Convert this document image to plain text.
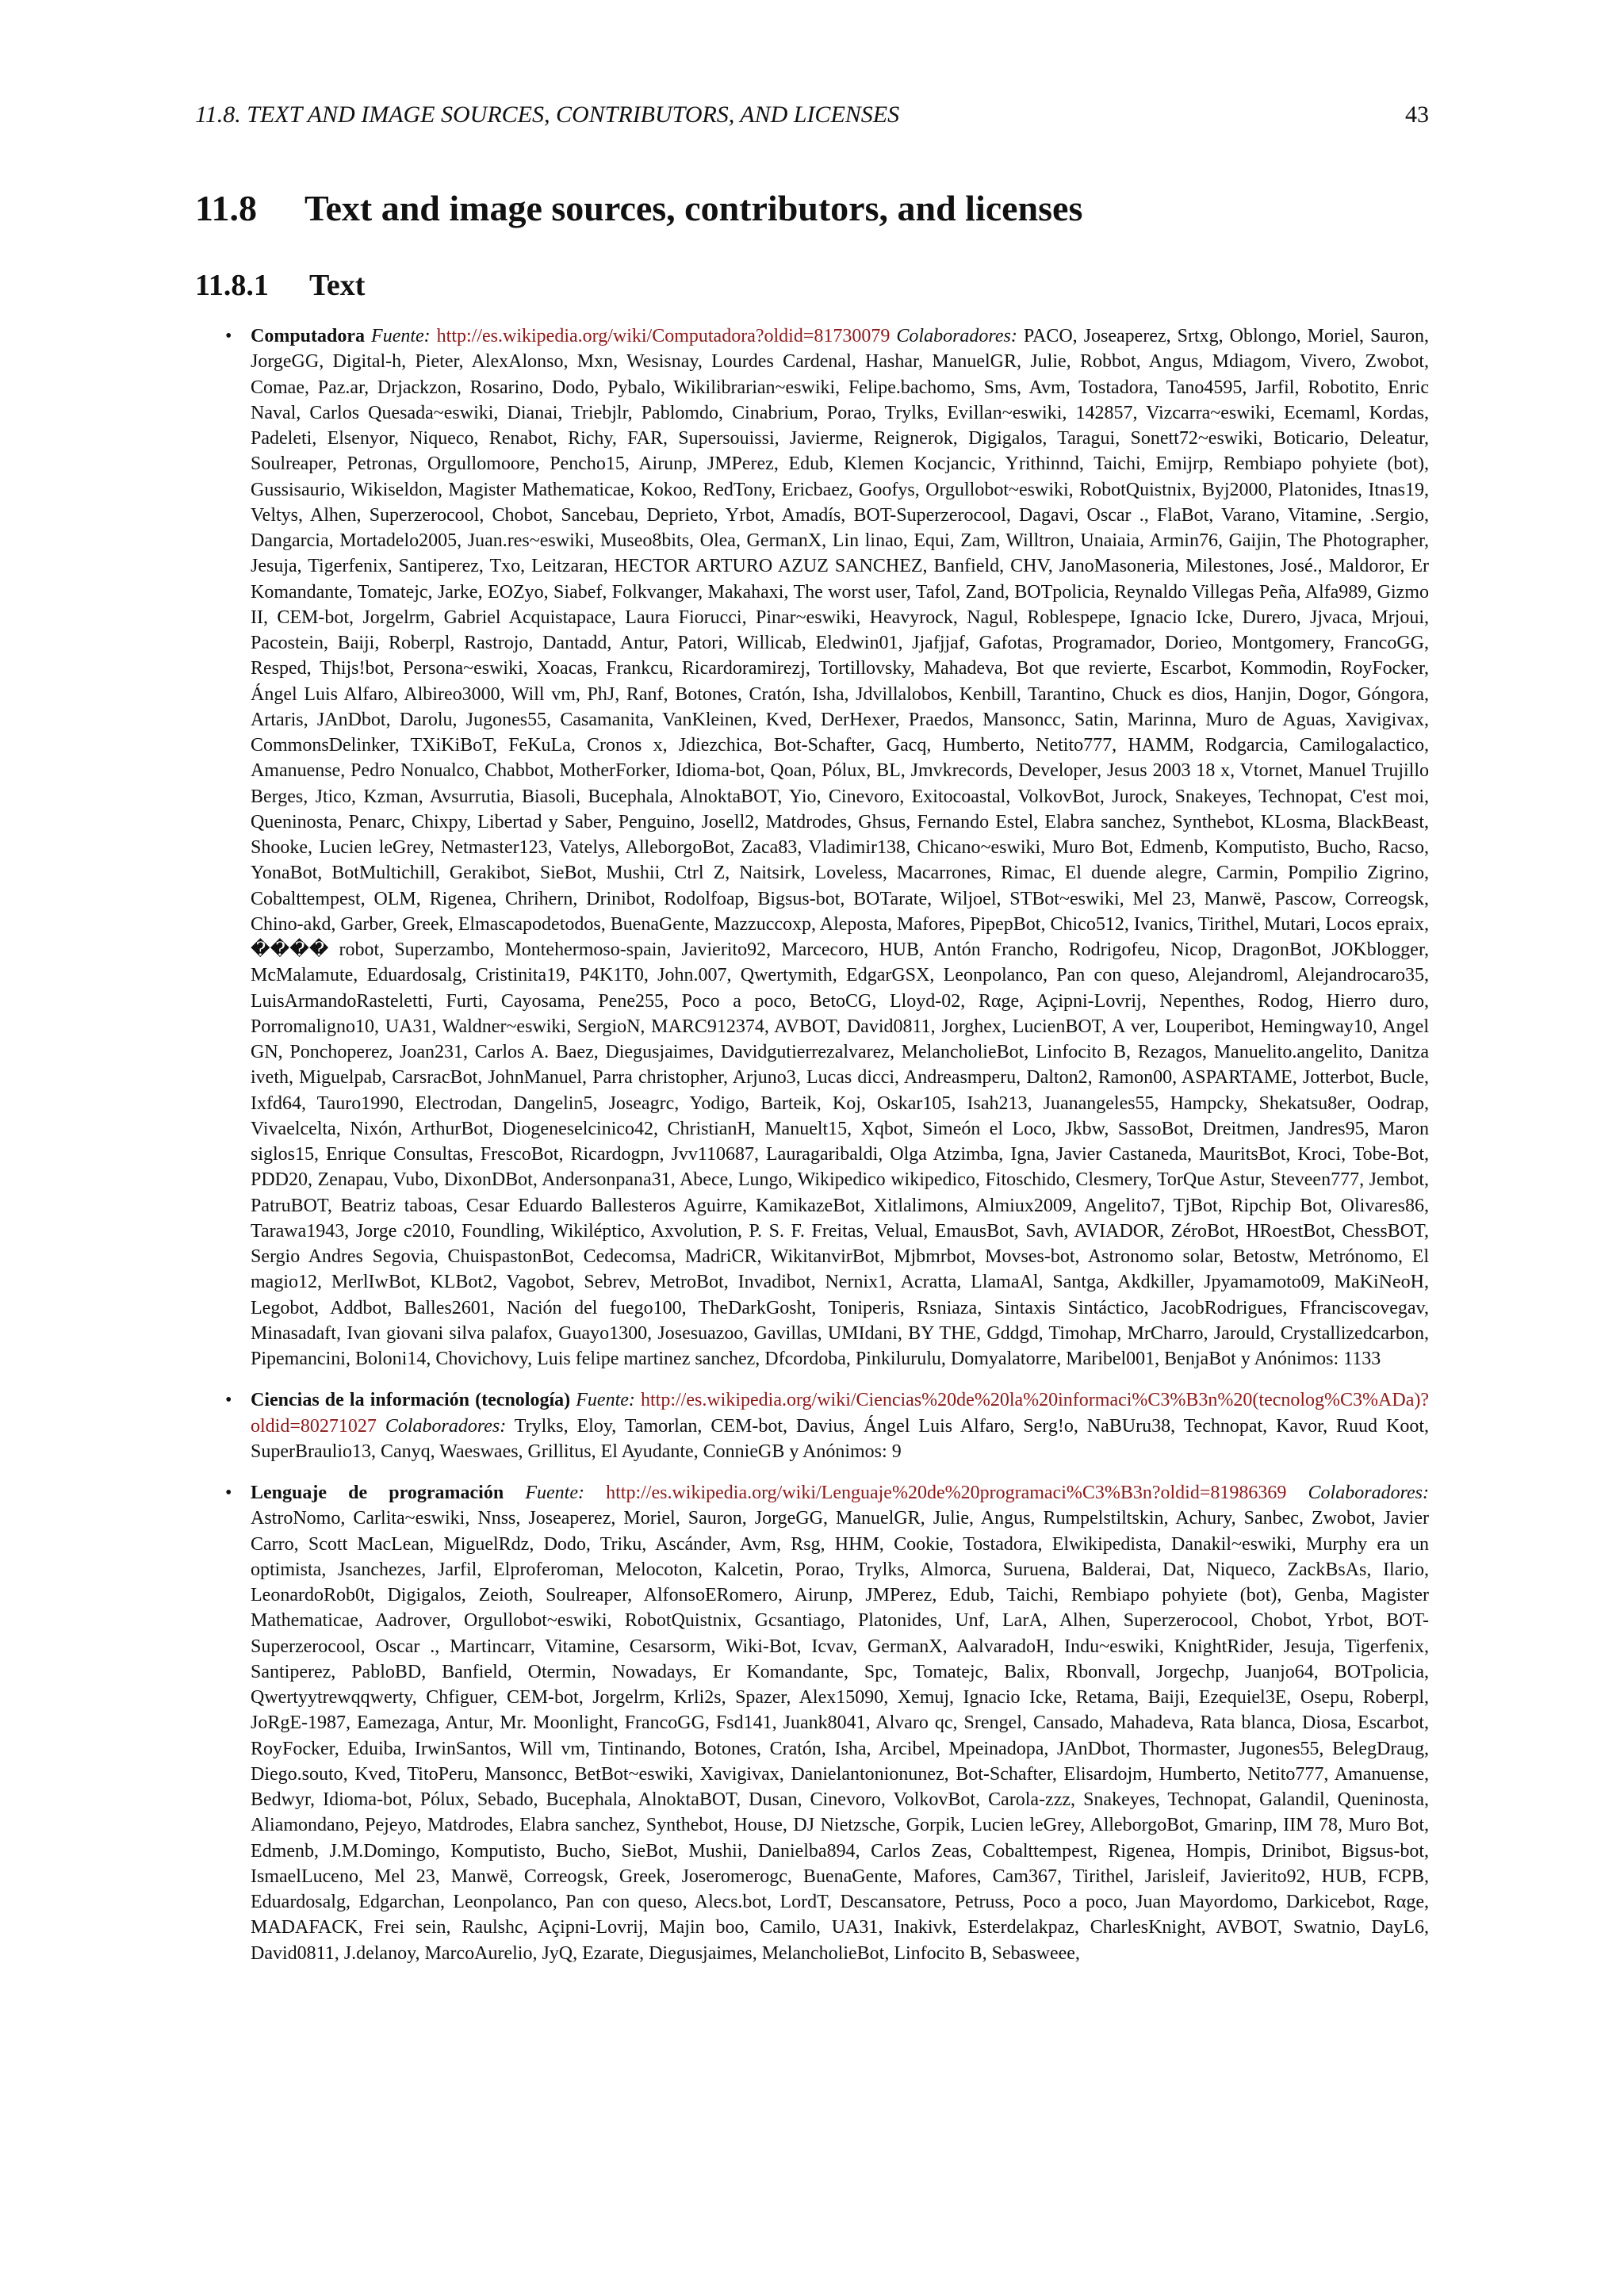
11.8. TEXT AND IMAGE SOURCES, CONTRIBUTORS, AND LICENSES	43
11.8 Text and image sources, contributors, and licenses
11.8.1 Text
• Computadora Fuente: http://es.wikipedia.org/wiki/Computadora?oldid=81730079 Colaboradores: PACO, Joseaperez, Srtxg, Oblongo, Moriel, Sauron, JorgeGG, Digital-h, Pieter, AlexAlonso, Mxn, Wesisnay, Lourdes Cardenal, Hashar, ManuelGR, Julie, Robbot, Angus, Mdiagom, Vivero, Zwobot, Comae, Paz.ar, Drjackzon, Rosarino, Dodo, Pybalo, Wikilibrarian~eswiki, Felipe.bachomo, Sms, Avm, Tostadora, Tano4595, Jarfil, Robotito, Enric Naval, Carlos Quesada~eswiki, Dianai, Triebjlr, Pablomdo, Cinabrium, Porao, Trylks, Evillan~eswiki, 142857, Vizcarra~eswiki, Ecemaml, Kordas, Padeleti, Elsenyor, Niqueco, Renabot, Richy, FAR, Supersouissi, Javierme, Reignerok, Digigalos, Taragui, Sonett72~eswiki, Boticario, Deleatur, Soulreaper, Petronas, Orgullomoore, Pencho15, Airunp, JMPerez, Edub, Klemen Kocjancic, Yrithinnd, Taichi, Emijrp, Rembiapo pohyiete (bot), Gussisaurio, Wikiseldon, Magister Mathematicae, Kokoo, RedTony, Ericbaez, Goofys, Orgullobot~eswiki, RobotQuistnix, Byj2000, Platonides, Itnas19, Veltys, Alhen, Superzerocool, Chobot, Sancebau, Deprieto, Yrbot, Amadís, BOT-Superzerocool, Dagavi, Oscar ., FlaBot, Varano, Vitamine, .Sergio, Dangarcia, Mortadelo2005, Juan.res~eswiki, Museo8bits, Olea, GermanX, Lin linao, Equi, Zam, Willtron, Unaiaia, Armin76, Gaijin, The Photographer, Jesuja, Tigerfenix, Santiperez, Txo, Leitzaran, HECTOR ARTURO AZUZ SANCHEZ, Banfield, CHV, JanoMasoneria, Milestones, José., Maldoror, Er Komandante, Tomatejc, Jarke, EOZyo, Siabef, Folkvanger, Makahaxi, The worst user, Tafol, Zand, BOTpolicia, Reynaldo Villegas Peña, Alfa989, Gizmo II, CEM-bot, Jorgelrm, Gabriel Acquistapace, Laura Fiorucci, Pinar~eswiki, Heavyrock, Nagul, Roblespepe, Ignacio Icke, Durero, Jjvaca, Mrjoui, Pacostein, Baiji, Roberpl, Rastrojo, Dantadd, Antur, Patori, Willicab, Eledwin01, Jjafjjaf, Gafotas, Programador, Dorieo, Montgomery, FrancoGG, Resped, Thijs!bot, Persona~eswiki, Xoacas, Frankcu, Ricardoramirezj, Tortillovsky, Mahadeva, Bot que revierte, Escarbot, Kommodin, RoyFocker, Ángel Luis Alfaro, Albireo3000, Will vm, PhJ, Ranf, Botones, Cratón, Isha, Jdvillalobos, Kenbill, Tarantino, Chuck es dios, Hanjin, Dogor, Góngora, Artaris, JAnDbot, Darolu, Jugones55, Casamanita, VanKleinen, Kved, DerHexer, Praedos, Mansoncc, Satin, Marinna, Muro de Aguas, Xavigivax, CommonsDelinker, TXiKiBoT, FeKuLa, Cronos x, Jdiezchica, Bot-Schafter, Gacq, Humberto, Netito777, HAMM, Rodgarcia, Camilogalactico, Amanuense, Pedro Nonualco, Chabbot, MotherForker, Idioma-bot, Qoan, Pólux, BL, Jmvkrecords, Developer, Jesus 2003 18 x, Vtornet, Manuel Trujillo Berges, Jtico, Kzman, Avsurrutia, Biasoli, Bucephala, AlnoktaBOT, Yio, Cinevoro, Exitocoastal, VolkovBot, Jurock, Snakeyes, Technopat, C'est moi, Queninosta, Penarc, Chixpy, Libertad y Saber, Penguino, Josell2, Matdrodes, Ghsus, Fernando Estel, Elabra sanchez, Synthebot, KLosma, BlackBeast, Shooke, Lucien leGrey, Netmaster123, Vatelys, AlleborgoBot, Zaca83, Vladimir138, Chicano~eswiki, Muro Bot, Edmenb, Komputisto, Bucho, Racso, YonaBot, BotMultichill, Gerakibot, SieBot, Mushii, Ctrl Z, Naitsirk, Loveless, Macarrones, Rimac, El duende alegre, Carmin, Pompilio Zigrino, Cobalttempest, OLM, Rigenea, Chrihern, Drinibot, Rodolfoap, Bigsus-bot, BOTarate, Wiljoel, STBot~eswiki, Mel 23, Manwë, Pascow, Correogsk, Chino-akd, Garber, Greek, Elmascapodetodos, BuenaGente, Mazzuccoxp, Aleposta, Mafores, PipepBot, Chico512, Ivanics, Tirithel, Mutari, Locos epraix, ���� robot, Superzambo, Montehermoso-spain, Javierito92, Marcecoro, HUB, Antón Francho, Rodrigofeu, Nicop, DragonBot, JOKblogger, McMalamute, Eduardosalg, Cristinita19, P4K1T0, John.007, Qwertymith, EdgarGSX, Leonpolanco, Pan con queso, Alejandroml, Alejandrocaro35, LuisArmandoRasteletti, Furti, Cayosama, Pene255, Poco a poco, BetoCG, Lloyd-02, Rαge, Açipni-Lovrij, Nepenthes, Rodog, Hierro duro, Porromaligno10, UA31, Waldner~eswiki, SergioN, MARC912374, AVBOT, David0811, Jorghex, LucienBOT, A ver, Louperibot, Hemingway10, Angel GN, Ponchoperez, Joan231, Carlos A. Baez, Diegusjaimes, Davidgutierrezalvarez, MelancholieBot, Linfocito B, Rezagos, Manuelito.angelito, Danitza iveth, Miguelpab, CarsracBot, JohnManuel, Parra christopher, Arjuno3, Lucas dicci, Andreasmperu, Dalton2, Ramon00, ASPARTAME, Jotterbot, Bucle, Ixfd64, Tauro1990, Electrodan, Dangelin5, Joseagrc, Yodigo, Barteik, Koj, Oskar105, Isah213, Juanangeles55, Hampcky, Shekatsu8er, Oodrap, Vivaelcelta, Nixón, ArthurBot, Diogeneselcinico42, ChristianH, Manuelt15, Xqbot, Simeón el Loco, Jkbw, SassoBot, Dreitmen, Jandres95, Maron siglos15, Enrique Consultas, FrescoBot, Ricardogpn, Jvv110687, Lauragaribaldi, Olga Atzimba, Igna, Javier Castaneda, MauritsBot, Kroci, Tobe-Bot, PDD20, Zenapau, Vubo, DixonDBot, Andersonpana31, Abece, Lungo, Wikipedico wikipedico, Fitoschido, Clesmery, TorQue Astur, Steveen777, Jembot, PatruBOT, Beatriz taboas, Cesar Eduardo Ballesteros Aguirre, KamikazeBot, Xitlalimons, Almiux2009, Angelito7, TjBot, Ripchip Bot, Olivares86, Tarawa1943, Jorge c2010, Foundling, Wikiléptico, Axvolution, P. S. F. Freitas, Velual, EmausBot, Savh, AVIADOR, ZéroBot, HRoestBot, ChessBOT, Sergio Andres Segovia, ChuispastonBot, Cedecomsa, MadriCR, WikitanvirBot, Mjbmrbot, Movses-bot, Astronomo solar, Betostw, Metrónomo, El magio12, MerlIwBot, KLBot2, Vagobot, Sebrev, MetroBot, Invadibot, Nernix1, Acratta, LlamaAl, Santga, Akdkiller, Jpyamamoto09, MaKiNeoH, Legobot, Addbot, Balles2601, Nación del fuego100, TheDarkGosht, Toniperis, Rsniaza, Sintaxis Sintáctico, JacobRodrigues, Ffranciscovegav, Minasadaft, Ivan giovani silva palafox, Guayo1300, Josesuazoo, Gavillas, UMIdani, BY THE, Gddgd, Timohap, MrCharro, Jarould, Crystallizedcarbon, Pipemancini, Boloni14, Chovichovy, Luis felipe martinez sanchez, Dfcordoba, Pinkilurulu, Domyalatorre, Maribel001, BenjaBot y Anónimos: 1133
• Ciencias de la información (tecnología) Fuente: http://es.wikipedia.org/wiki/Ciencias%20de%20la%20informaci%C3%B3n%20(tecnolog%C3%ADa)?oldid=80271027 Colaboradores: Trylks, Eloy, Tamorlan, CEM-bot, Davius, Ángel Luis Alfaro, Serg!o, NaBUru38, Technopat, Kavor, Ruud Koot, SuperBraulio13, Canyq, Waeswaes, Grillitus, El Ayudante, ConnieGB y Anónimos: 9
• Lenguaje de programación Fuente: http://es.wikipedia.org/wiki/Lenguaje%20de%20programaci%C3%B3n?oldid=81986369 Colaboradores: AstroNomo, Carlita~eswiki, Nnss, Joseaperez, Moriel, Sauron, JorgeGG, ManuelGR, Julie, Angus, Rumpelstiltskin, Achury, Sanbec, Zwobot, Javier Carro, Scott MacLean, MiguelRdz, Dodo, Triku, Ascánder, Avm, Rsg, HHM, Cookie, Tostadora, Elwikipedista, Danakil~eswiki, Murphy era un optimista, Jsanchezes, Jarfil, Elproferoman, Melocoton, Kalcetin, Porao, Trylks, Almorca, Suruena, Balderai, Dat, Niqueco, ZackBsAs, Ilario, LeonardoRob0t, Digigalos, Zeioth, Soulreaper, AlfonsoERomero, Airunp, JMPerez, Edub, Taichi, Rembiapo pohyiete (bot), Genba, Magister Mathematicae, Aadrover, Orgullobot~eswiki, RobotQuistnix, Gcsantiago, Platonides, Unf, LarA, Alhen, Superzerocool, Chobot, Yrbot, BOT-Superzerocool, Oscar ., Martincarr, Vitamine, Cesarsorm, Wiki-Bot, Icvav, GermanX, AalvaradoH, Indu~eswiki, KnightRider, Jesuja, Tigerfenix, Santiperez, PabloBD, Banfield, Otermin, Nowadays, Er Komandante, Spc, Tomatejc, Balix, Rbonvall, Jorgechp, Juanjo64, BOTpolicia, Qwertyytrewqqwerty, Chfiguer, CEM-bot, Jorgelrm, Krli2s, Spazer, Alex15090, Xemuj, Ignacio Icke, Retama, Baiji, Ezequiel3E, Osepu, Roberpl, JoRgE-1987, Eamezaga, Antur, Mr. Moonlight, FrancoGG, Fsd141, Juank8041, Alvaro qc, Srengel, Cansado, Mahadeva, Rata blanca, Diosa, Escarbot, RoyFocker, Eduiba, IrwinSantos, Will vm, Tintinando, Botones, Cratón, Isha, Arcibel, Mpeinadopa, JAnDbot, Thormaster, Jugones55, BelegDraug, Diego.souto, Kved, TitoPeru, Mansoncc, BetBot~eswiki, Xavigivax, Danielantonionunez, Bot-Schafter, Elisardojm, Humberto, Netito777, Amanuense, Bedwyr, Idioma-bot, Pólux, Sebado, Bucephala, AlnoktaBOT, Dusan, Cinevoro, VolkovBot, Carola-zzz, Snakeyes, Technopat, Galandil, Queninosta, Aliamondano, Pejeyo, Matdrodes, Elabra sanchez, Synthebot, House, DJ Nietzsche, Gorpik, Lucien leGrey, AlleborgoBot, Gmarinp, IIM 78, Muro Bot, Edmenb, J.M.Domingo, Komputisto, Bucho, SieBot, Mushii, Danielba894, Carlos Zeas, Cobalttempest, Rigenea, Hompis, Drinibot, Bigsus-bot, IsmaelLuceno, Mel 23, Manwë, Correogsk, Greek, Joseromerogc, BuenaGente, Mafores, Cam367, Tirithel, Jarisleif, Javierito92, HUB, FCPB, Eduardosalg, Edgarchan, Leonpolanco, Pan con queso, Alecs.bot, LordT, Descansatore, Petruss, Poco a poco, Juan Mayordomo, Darkicebot, Rαge, MADAFACK, Frei sein, Raulshc, Açipni-Lovrij, Majin boo, Camilo, UA31, Inakivk, Esterdelakpaz, CharlesKnight, AVBOT, Swatnio, DayL6, David0811, J.delanoy, MarcoAurelio, JyQ, Ezarate, Diegusjaimes, MelancholieBot, Linfocito B, Sebasweee,
